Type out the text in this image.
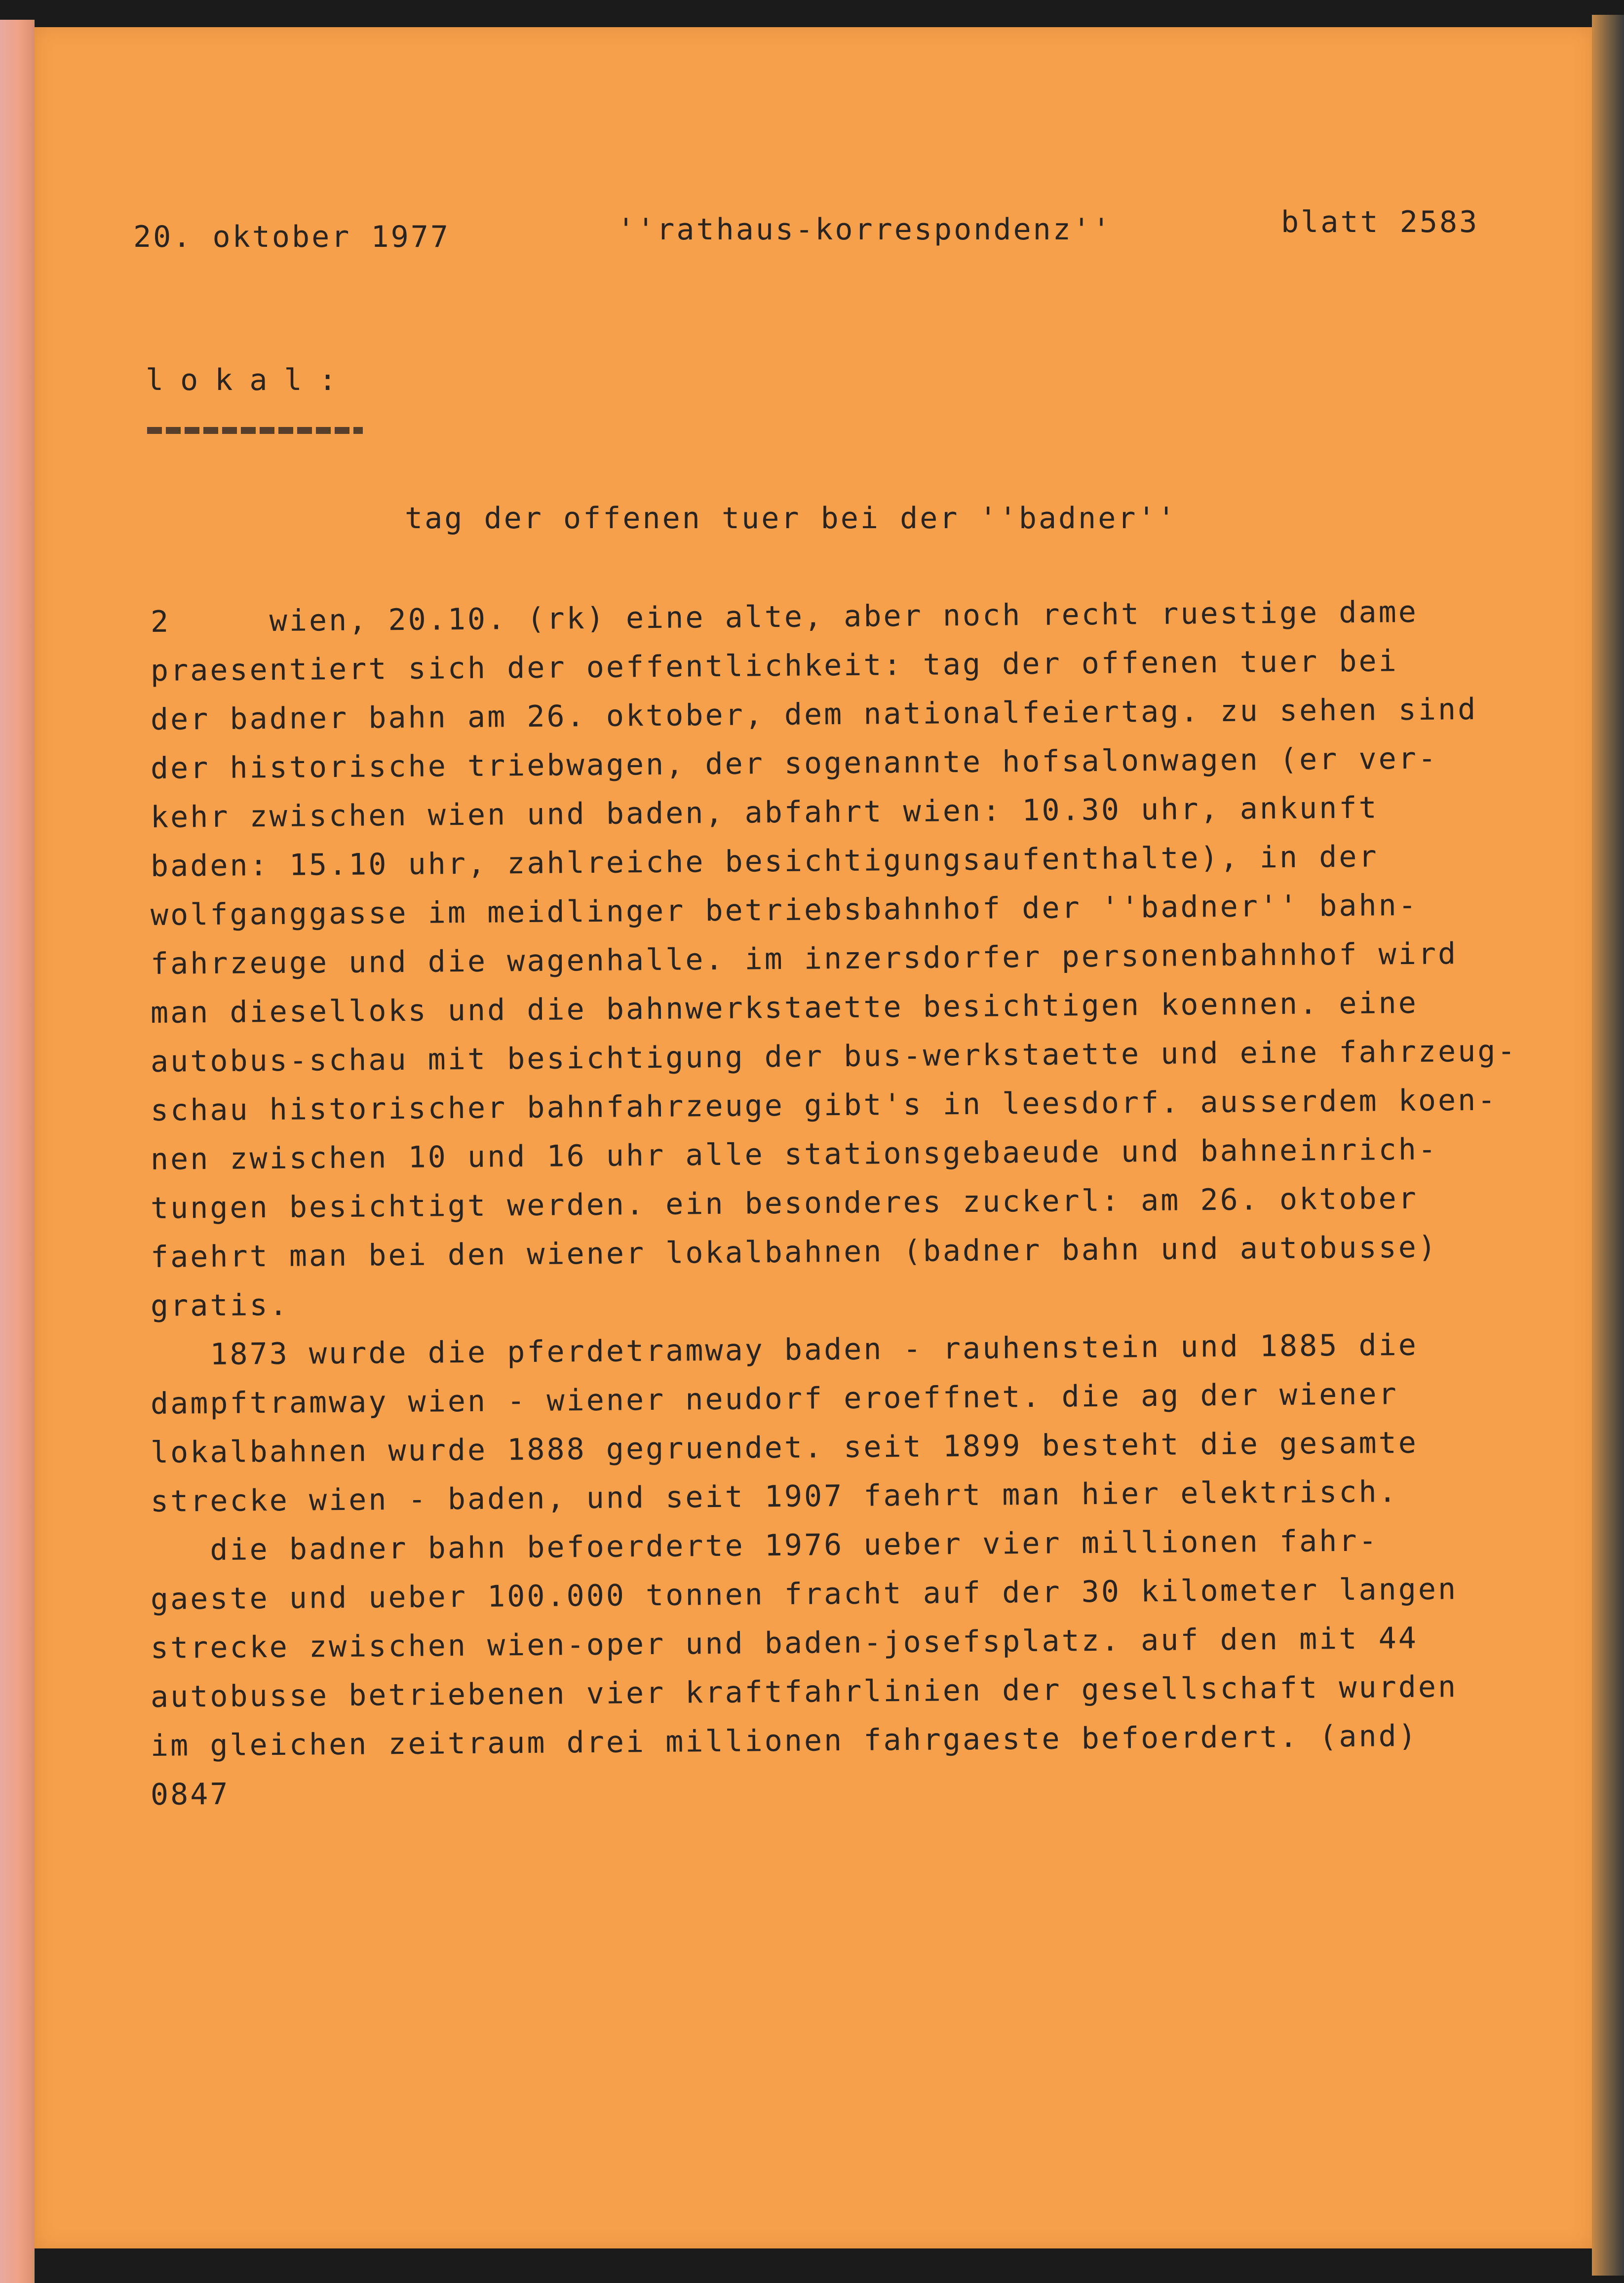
20. oktober 1977	''rathaus-korrespondenz''	blatt 2583

lokal:

tag der offenen tuer bei der ''badner''

2     wien, 20.10. (rk) eine alte, aber noch recht ruestige dame

praesentiert sich der oeffentlichkeit: tag der offenen tuer bei

der badner bahn am 26. oktober, dem nationalfeiertag. zu sehen sind

der historische triebwagen, der sogenannte hofsalonwagen (er ver-

kehr zwischen wien und baden, abfahrt wien: 10.30 uhr, ankunft

baden: 15.10 uhr, zahlreiche besichtigungsaufenthalte), in der

wolfganggasse im meidlinger betriebsbahnhof der ''badner'' bahn-

fahrzeuge und die wagenhalle. im inzersdorfer personenbahnhof wird

man dieselloks und die bahnwerkstaette besichtigen koennen. eine

autobus-schau mit besichtigung der bus-werkstaette und eine fahrzeug-

schau historischer bahnfahrzeuge gibt's in leesdorf. ausserdem koen-

nen zwischen 10 und 16 uhr alle stationsgebaeude und bahneinrich-

tungen besichtigt werden. ein besonderes zuckerl: am 26. oktober

faehrt man bei den wiener lokalbahnen (badner bahn und autobusse)

gratis.

1873 wurde die pferdetramway baden - rauhenstein und 1885 die

dampftramway wien - wiener neudorf eroeffnet. die ag der wiener

lokalbahnen wurde 1888 gegruendet. seit 1899 besteht die gesamte

strecke wien - baden, und seit 1907 faehrt man hier elektrisch.

die badner bahn befoerderte 1976 ueber vier millionen fahr-

gaeste und ueber 100.000 tonnen fracht auf der 30 kilometer langen

strecke zwischen wien-oper und baden-josefsplatz. auf den mit 44

autobusse betriebenen vier kraftfahrlinien der gesellschaft wurden

im gleichen zeitraum drei millionen fahrgaeste befoerdert. (and)

0847
